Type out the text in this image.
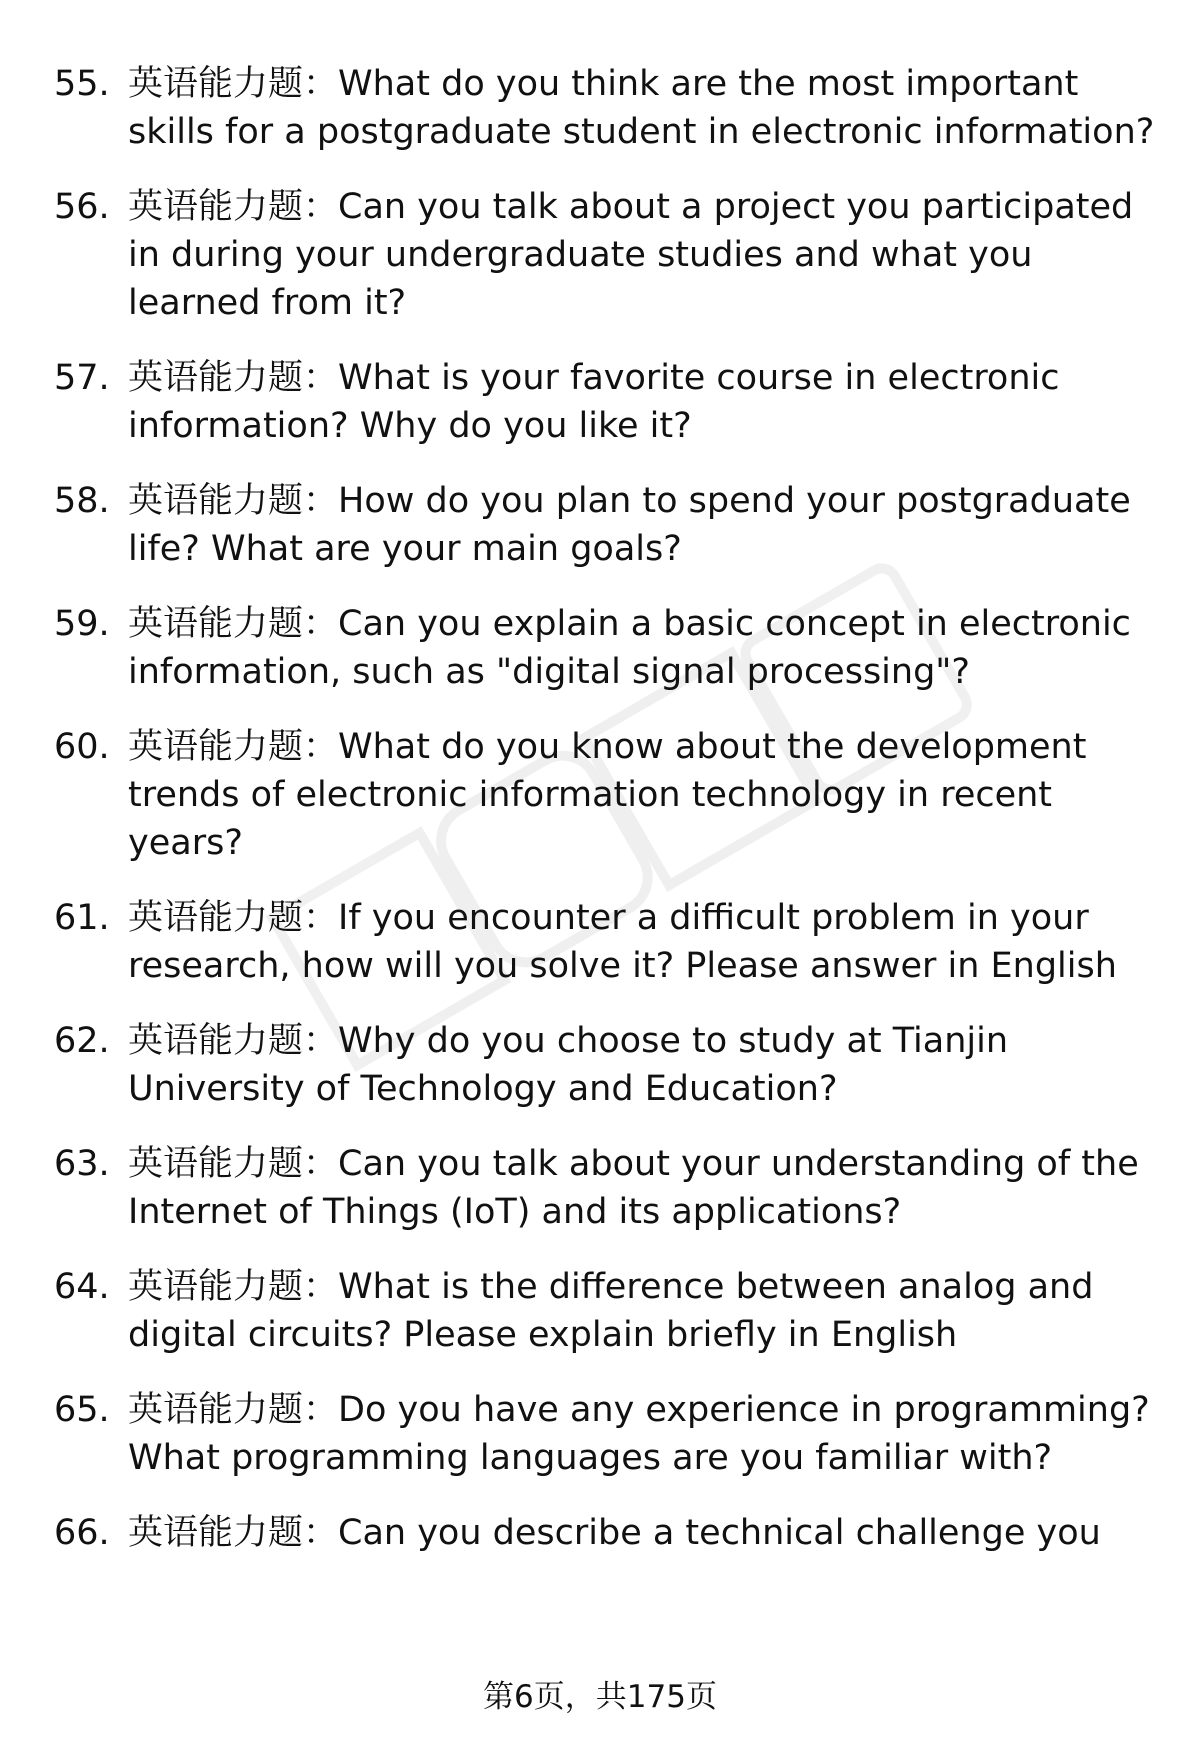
55. 英语能力题：What do you think are the most important skills for a postgraduate student in electronic information?
56. 英语能力题：Can you talk about a project you participated in during your undergraduate studies and what you learned from it?
57. 英语能力题：What is your favorite course in electronic information? Why do you like it?
58. 英语能力题：How do you plan to spend your postgraduate life? What are your main goals?
59. 英语能力题：Can you explain a basic concept in electronic information, such as "digital signal processing"?
60. 英语能力题：What do you know about the development trends of electronic information technology in recent years?
61. 英语能力题：If you encounter a difficult problem in your research, how will you solve it? Please answer in English
62. 英语能力题：Why do you choose to study at Tianjin University of Technology and Education?
63. 英语能力题：Can you talk about your understanding of the Internet of Things (IoT) and its applications?
64. 英语能力题：What is the difference between analog and digital circuits? Please explain briefly in English
65. 英语能力题：Do you have any experience in programming? What programming languages are you familiar with?
66. 英语能力题：Can you describe a technical challenge you
第6页，共175页
